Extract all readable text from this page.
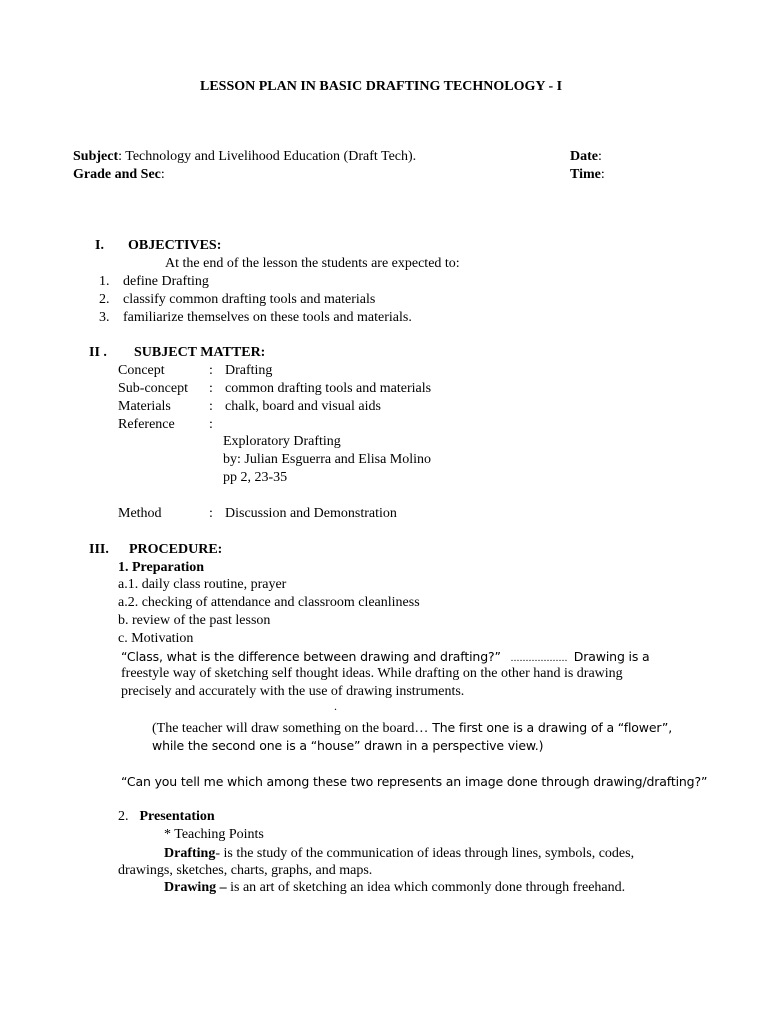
LESSON PLAN IN BASIC DRAFTING TECHNOLOGY - I
Subject: Technology and Livelihood Education (Draft Tech).
Grade and Sec:
Date:
Time:
I. OBJECTIVES:
At the end of the lesson the students are expected to:
1. define Drafting
2. classify common drafting tools and materials
3. familiarize themselves on these tools and materials.
II . SUBJECT MATTER:
Concept	: Drafting
Sub-concept : common drafting tools and materials
Materials	: chalk, board and visual aids
Reference :
Exploratory Drafting
by: Julian Esguerra and Elisa Molino
pp 2, 23-35
Method	: Discussion and Demonstration
III. PROCEDURE:
1. Preparation
a.1. daily class routine, prayer
a.2. checking of attendance and classroom cleanliness
b. review of the past lesson
c. Motivation
“Class, what is the difference between drawing and drafting?” ................... Drawing is a
freestyle way of sketching self thought ideas. While drafting on the other hand is drawing
precisely and accurately with the use of drawing instruments.
.
(The teacher will draw something on the board… The first one is a drawing of a “flower”,
while the second one is a “house” drawn in a perspective view.)
“Can you tell me which among these two represents an image done through drawing/drafting?”
2. Presentation
* Teaching Points
Drafting- is the study of the communication of ideas through lines, symbols, codes,
drawings, sketches, charts, graphs, and maps.
Drawing – is an art of sketching an idea which commonly done through freehand.
